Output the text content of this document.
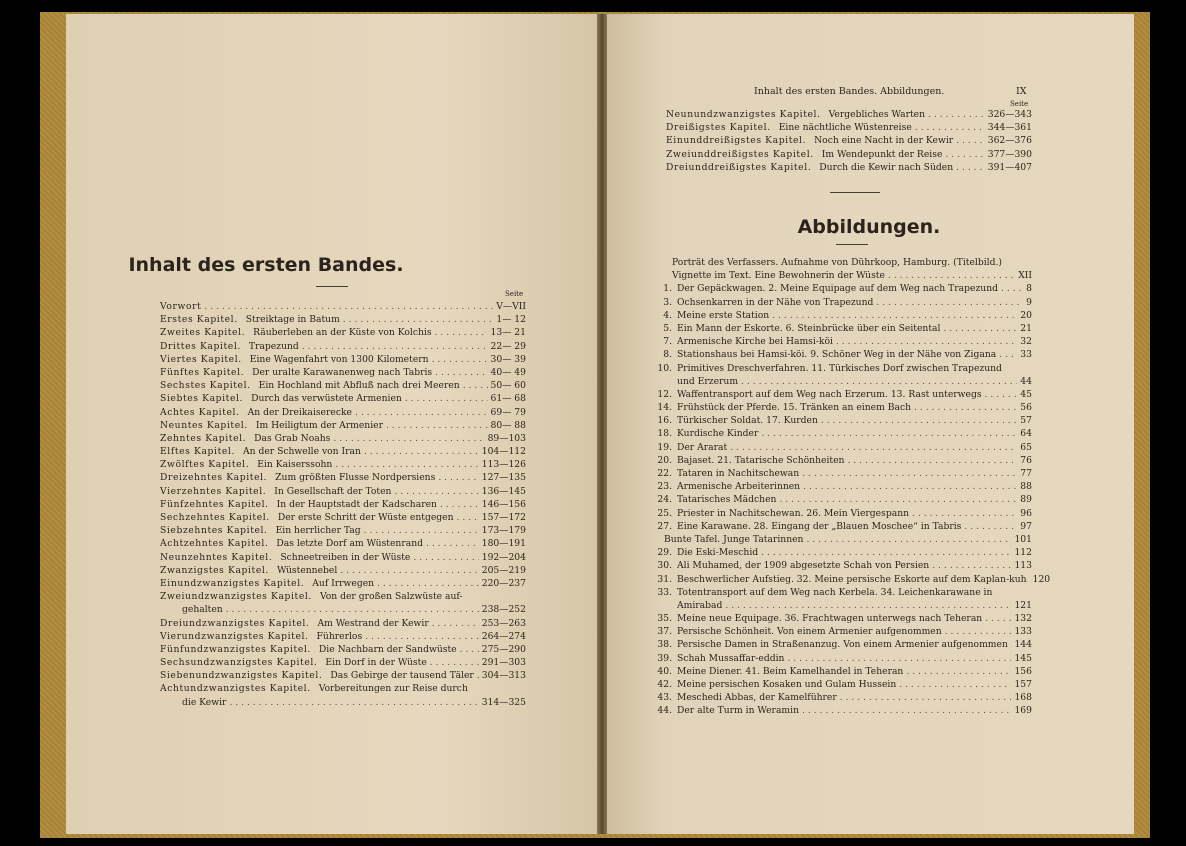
Inhalt des ersten Bandes.
Seite
Vorwort . . .	V—VII
Erstes Kapitel. Streiktage in Batum . . .	1— 12
Zweites Kapitel. Räuberleben an der Küste von Kolchis . . .	13— 21
Drittes Kapitel. Trapezund . . .	22— 29
Viertes Kapitel. Eine Wagenfahrt von 1300 Kilometern . . .	30— 39
Fünftes Kapitel. Der uralte Karawanenweg nach Tabris . . .	40— 49
Sechstes Kapitel. Ein Hochland mit Abfluß nach drei Meeren . . .	50— 60
Siebtes Kapitel. Durch das verwüstete Armenien . . .	61— 68
Achtes Kapitel. An der Dreikaiserecke . . .	69— 79
Neuntes Kapitel. Im Heiligtum der Armenier . . .	80— 88
Zehntes Kapitel. Das Grab Noahs . . .	89—103
Elftes Kapitel. An der Schwelle von Iran . . .	104—112
Zwölftes Kapitel. Ein Kaiserssohn . . .	113—126
Dreizehntes Kapitel. Zum größten Flusse Nordpersiens . . .	127—135
Vierzehntes Kapitel. In Gesellschaft der Toten . . .	136—145
Fünfzehntes Kapitel. In der Hauptstadt der Kadscharen . . .	146—156
Sechzehntes Kapitel. Der erste Schritt der Wüste entgegen . . .	157—172
Siebzehntes Kapitel. Ein herrlicher Tag . . .	173—179
Achtzehntes Kapitel. Das letzte Dorf am Wüstenrand . . .	180—191
Neunzehntes Kapitel. Schneetreiben in der Wüste . . .	192—204
Zwanzigstes Kapitel. Wüstennebel . . .	205—219
Einundzwanzigstes Kapitel. Auf Irrwegen . . .	220—237
Zweiundzwanzigstes Kapitel. Von der großen Salzwüste auf-
gehalten . . .	238—252
Dreiundzwanzigstes Kapitel. Am Westrand der Kewir . . .	253—263
Vierundzwanzigstes Kapitel. Führerlos . . .	264—274
Fünfundzwanzigstes Kapitel. Die Nachbarn der Sandwüste . . .	275—290
Sechsundzwanzigstes Kapitel. Ein Dorf in der Wüste . . .	291—303
Siebenundzwanzigstes Kapitel. Das Gebirge der tausend Täler . . . 304—313
Achtundzwanzigstes Kapitel. Vorbereitungen zur Reise durch
die Kewir . . .	314—325
Inhalt des ersten Bandes. Abbildungen.	IX
Seite
Neunundzwanzigstes Kapitel. Vergebliches Warten . . .	326—343
Dreißigstes Kapitel. Eine nächtliche Wüstenreise . . .	344—361
Einunddreißigstes Kapitel. Noch eine Nacht in der Kewir . . .	362—376
Zweiunddreißigstes Kapitel. Im Wendepunkt der Reise . . .	377—390
Dreiunddreißigstes Kapitel. Durch die Kewir nach Süden . . .	391—407
Abbildungen.
Porträt des Verfassers. Aufnahme von Dührkoop, Hamburg. (Titelbild.)
Vignette im Text. Eine Bewohnerin der Wüste . . .	XII
1. Der Gepäckwagen. 2. Meine Equipage auf dem Weg nach Trapezund . . .	8
3. Ochsenkarren in der Nähe von Trapezund . . .	9
4. Meine erste Station . . .	20
5. Ein Mann der Eskorte. 6. Steinbrücke über ein Seitental . . .	21
7. Armenische Kirche bei Hamsi-köi . . .	32
8. Stationshaus bei Hamsi-köi. 9. Schöner Weg in der Nähe von Zigana . . .	33
10. Primitives Dreschverfahren. 11. Türkisches Dorf zwischen Trapezund
und Erzerum . . .	44
12. Waffentransport auf dem Weg nach Erzerum. 13. Rast unterwegs . . .	45
14. Frühstück der Pferde. 15. Tränken an einem Bach . . .	56
16. Türkischer Soldat. 17. Kurden . . .	57
18. Kurdische Kinder . . .	64
19. Der Ararat . . .	65
20. Bajaset. 21. Tatarische Schönheiten . . .	76
22. Tataren in Nachitschewan . . .	77
23. Armenische Arbeiterinnen . . .	88
24. Tatarisches Mädchen . . .	89
25. Priester in Nachitschewan. 26. Mein Viergespann . . .	96
27. Eine Karawane. 28. Eingang der „Blauen Moschee“ in Tabris . . .	97
Bunte Tafel. Junge Tatarinnen . . .	101
29. Die Eski-Meschid . . .	112
30. Ali Muhamed, der 1909 abgesetzte Schah von Persien . . .	113
31. Beschwerlicher Aufstieg. 32. Meine persische Eskorte auf dem Kaplan-kuh 120
33. Totentransport auf dem Weg nach Kerbela. 34. Leichenkarawane in
Amirabad . . .	121
35. Meine neue Equipage. 36. Frachtwagen unterwegs nach Teheran . . .	132
37. Persische Schönheit. Von einem Armenier aufgenommen . . .	133
38. Persische Damen in Straßenanzug. Von einem Armenier aufgenommen . . . 144
39. Schah Mussaffar-eddin . . .	145
40. Meine Diener. 41. Beim Kamelhandel in Teheran . . .	156
42. Meine persischen Kosaken und Gulam Hussein . . .	157
43. Meschedi Abbas, der Kamelführer . . .	168
44. Der alte Turm in Weramin . . .	169
